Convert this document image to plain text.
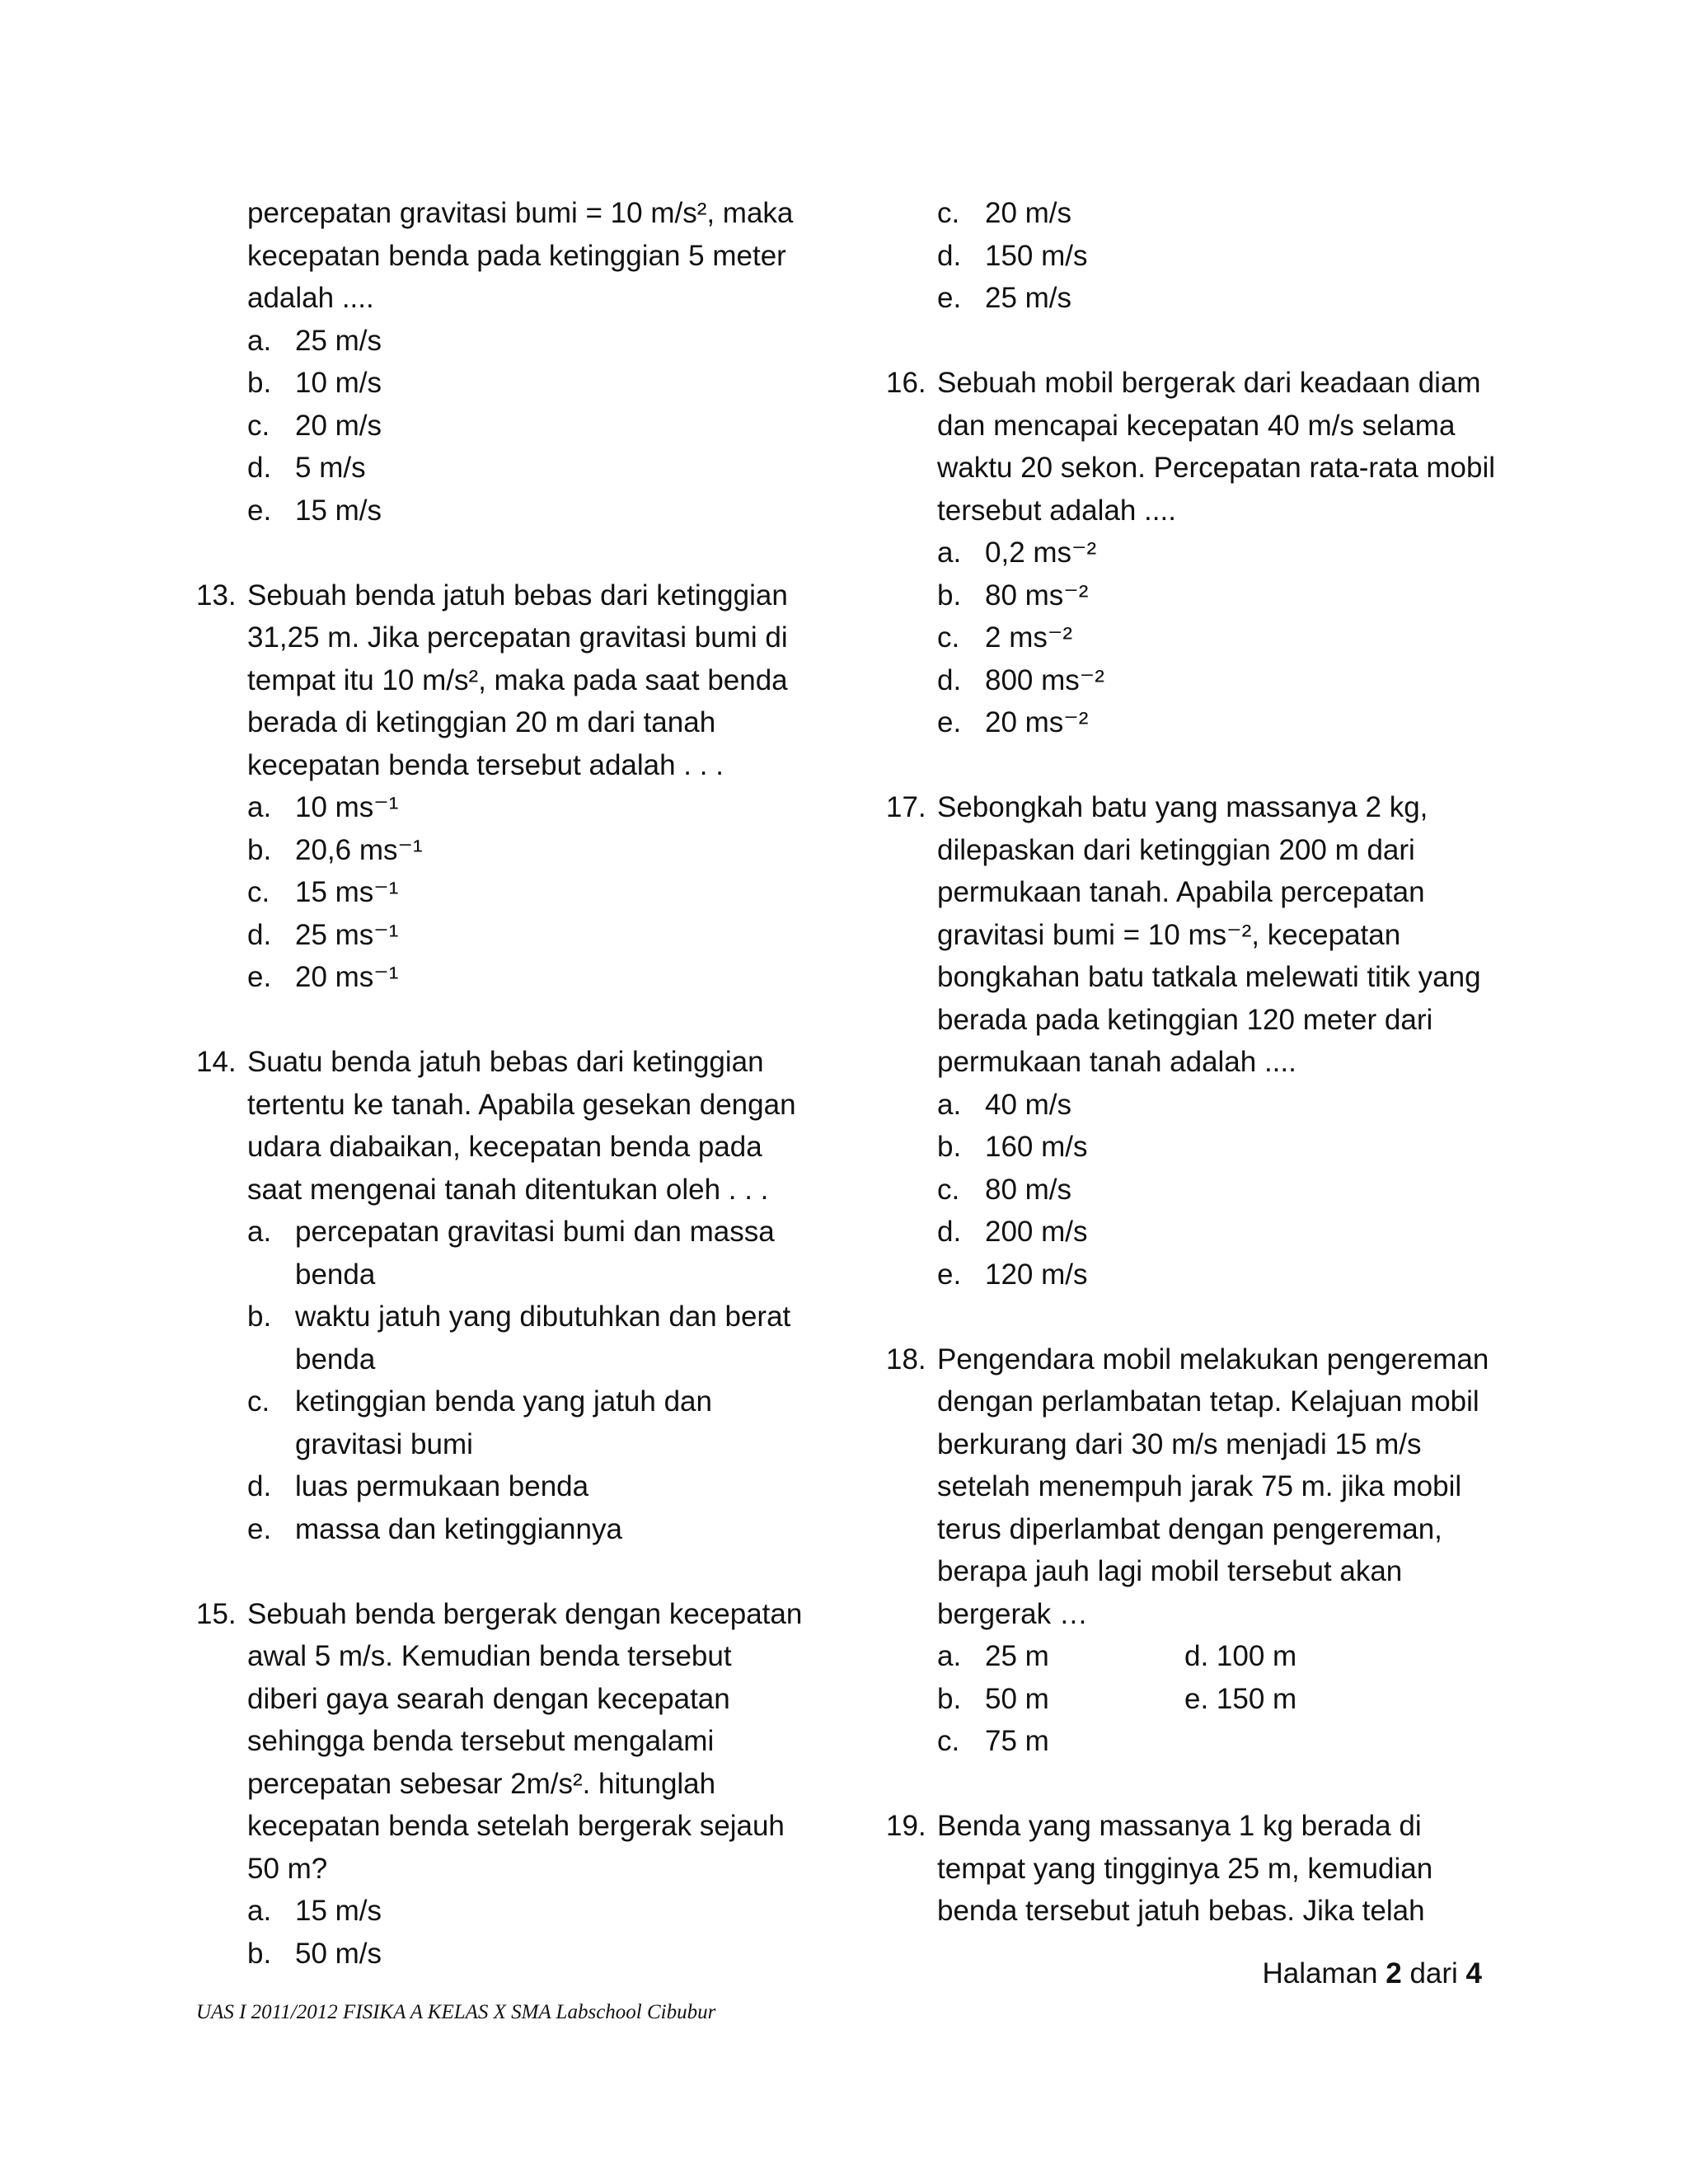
percepatan gravitasi bumi = 10 m/s², maka
kecepatan benda pada ketinggian 5 meter
adalah ....
a. 25 m/s
b. 10 m/s
c. 20 m/s
d. 5 m/s
e. 15 m/s
13. Sebuah benda jatuh bebas dari ketinggian
31,25 m. Jika percepatan gravitasi bumi di
tempat itu 10 m/s², maka pada saat benda
berada di ketinggian 20 m dari tanah
kecepatan benda tersebut adalah . . .
a. 10 ms⁻¹
b. 20,6 ms⁻¹
c. 15 ms⁻¹
d. 25 ms⁻¹
e. 20 ms⁻¹
14. Suatu benda jatuh bebas dari ketinggian
tertentu ke tanah. Apabila gesekan dengan
udara diabaikan, kecepatan benda pada
saat mengenai tanah ditentukan oleh . . .
a. percepatan gravitasi bumi dan massa
benda
b. waktu jatuh yang dibutuhkan dan berat
benda
c. ketinggian benda yang jatuh dan
gravitasi bumi
d. luas permukaan benda
e. massa dan ketinggiannya
15. Sebuah benda bergerak dengan kecepatan
awal 5 m/s. Kemudian benda tersebut
diberi gaya searah dengan kecepatan
sehingga benda tersebut mengalami
percepatan sebesar 2m/s². hitunglah
kecepatan benda setelah bergerak sejauh
50 m?
a. 15 m/s
b. 50 m/s
c. 20 m/s
d. 150 m/s
e. 25 m/s
16. Sebuah mobil bergerak dari keadaan diam
dan mencapai kecepatan 40 m/s selama
waktu 20 sekon. Percepatan rata-rata mobil
tersebut adalah ....
a. 0,2 ms⁻²
b. 80 ms⁻²
c. 2 ms⁻²
d. 800 ms⁻²
e. 20 ms⁻²
17. Sebongkah batu yang massanya 2 kg,
dilepaskan dari ketinggian 200 m dari
permukaan tanah. Apabila percepatan
gravitasi bumi = 10 ms⁻², kecepatan
bongkahan batu tatkala melewati titik yang
berada pada ketinggian 120 meter dari
permukaan tanah adalah ....
a. 40 m/s
b. 160 m/s
c. 80 m/s
d. 200 m/s
e. 120 m/s
18. Pengendara mobil melakukan pengereman
dengan perlambatan tetap. Kelajuan mobil
berkurang dari 30 m/s menjadi 15 m/s
setelah menempuh jarak 75 m. jika mobil
terus diperlambat dengan pengereman,
berapa jauh lagi mobil tersebut akan
bergerak …
a. 25 m	d. 100 m
b. 50 m	e. 150 m
c. 75 m
19. Benda yang massanya 1 kg berada di
tempat yang tingginya 25 m, kemudian
benda tersebut jatuh bebas. Jika telah
Halaman 2 dari 4
UAS I 2011/2012 FISIKA A KELAS X SMA Labschool Cibubur
